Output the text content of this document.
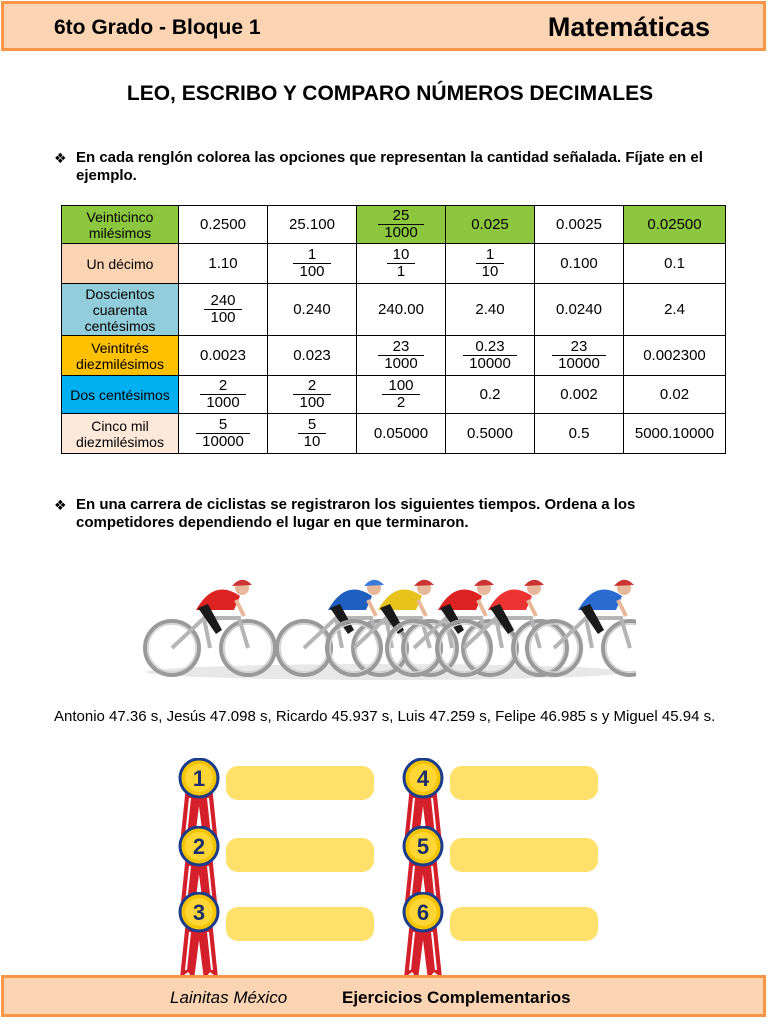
6to Grado - Bloque 1	Matemáticas
LEO, ESCRIBO Y COMPARO NÚMEROS DECIMALES
❖ En cada renglón colorea las opciones que representan la cantidad señalada. Fíjate en el ejemplo.
Veinticinco milésimos	0.2500	25.100	$\frac{25}{1000}$	0.025	0.0025	0.02500
Un décimo	1.10	$\frac{1}{100}$	$\frac{10}{1}$	$\frac{1}{10}$	0.100	0.1
Doscientos cuarenta centésimos	$\frac{240}{100}$	0.240	240.00	2.40	0.0240	2.4
Veintitrés diezmilésimos	0.0023	0.023	$\frac{23}{1000}$	$\frac{0.23}{10000}$	$\frac{23}{10000}$	0.002300
Dos centésimos	$\frac{2}{1000}$	$\frac{2}{100}$	$\frac{100}{2}$	0.2	0.002	0.02
Cinco mil diezmilésimos	$\frac{5}{10000}$	$\frac{5}{10}$	0.05000	0.5000	0.5	5000.10000
❖ En una carrera de ciclistas se registraron los siguientes tiempos. Ordena a los competidores dependiendo el lugar en que terminaron.
Antonio 47.36 s, Jesús 47.098 s, Ricardo 45.937 s, Luis 47.259 s, Felipe 46.985 s y Miguel 45.94 s.
1
2
3
4
5
6
Lainitas México	Ejercicios Complementarios
